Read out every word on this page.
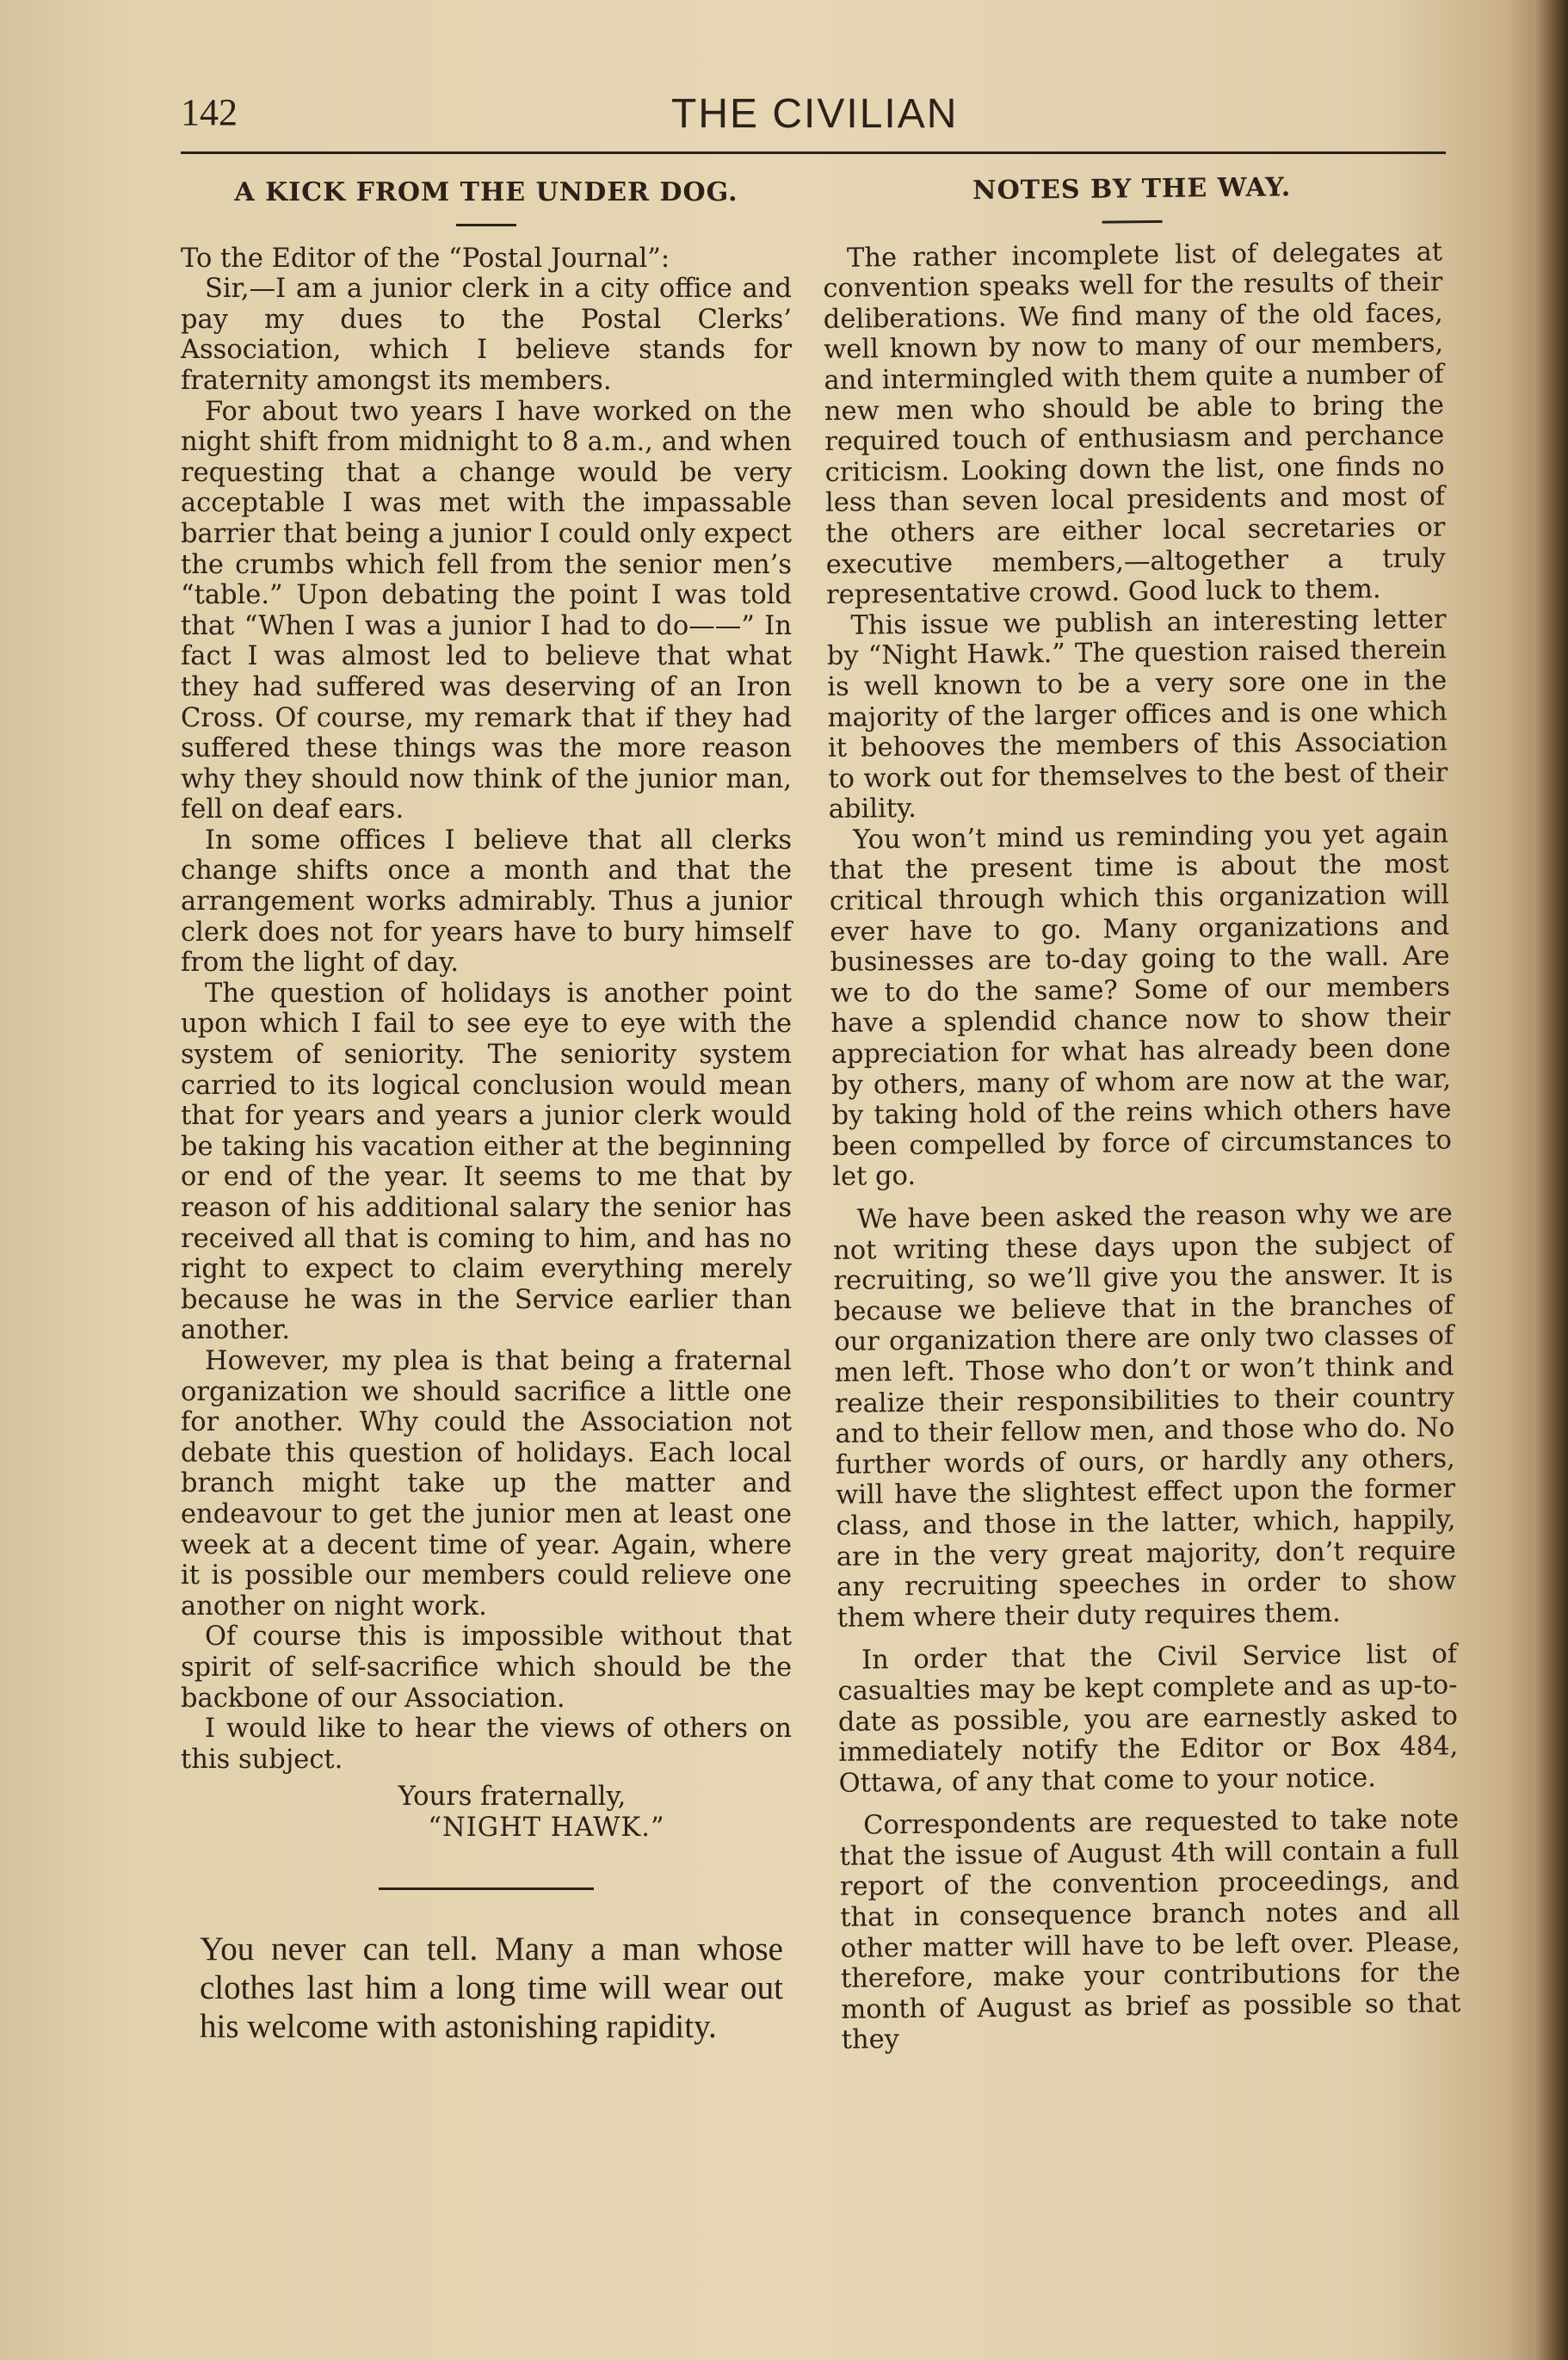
142	THE CIVILIAN
A KICK FROM THE UNDER DOG.

To the Editor of the “Postal Journal”:

Sir,—I am a junior clerk in a city office and pay my dues to the Postal Clerks’ Association, which I believe stands for fraternity amongst its members.

For about two years I have worked on the night shift from midnight to 8 a.m., and when requesting that a change would be very acceptable I was met with the impassable barrier that being a junior I could only expect the crumbs which fell from the senior men’s “table.” Upon debating the point I was told that “When I was a junior I had to do——” In fact I was almost led to believe that what they had suffered was deserving of an Iron Cross. Of course, my remark that if they had suffered these things was the more reason why they should now think of the junior man, fell on deaf ears.

In some offices I believe that all clerks change shifts once a month and that the arrangement works admirably. Thus a junior clerk does not for years have to bury himself from the light of day.

The question of holidays is another point upon which I fail to see eye to eye with the system of seniority. The seniority system carried to its logical conclusion would mean that for years and years a junior clerk would be taking his vacation either at the beginning or end of the year. It seems to me that by reason of his additional salary the senior has received all that is coming to him, and has no right to expect to claim everything merely because he was in the Service earlier than another.

However, my plea is that being a fraternal organization we should sacrifice a little one for another. Why could the Association not debate this question of holidays. Each local branch might take up the matter and endeavour to get the junior men at least one week at a decent time of year. Again, where it is possible our members could relieve one another on night work.

Of course this is impossible without that spirit of self-sacrifice which should be the backbone of our Association.

I would like to hear the views of others on this subject.

Yours fraternally,
“NIGHT HAWK.”
You never can tell. Many a man whose clothes last him a long time will wear out his welcome with astonishing rapidity.
NOTES BY THE WAY.

The rather incomplete list of delegates at convention speaks well for the results of their deliberations. We find many of the old faces, well known by now to many of our members, and intermingled with them quite a number of new men who should be able to bring the required touch of enthusiasm and perchance criticism. Looking down the list, one finds no less than seven local presidents and most of the others are either local secretaries or executive members,—altogether a truly representative crowd. Good luck to them.

This issue we publish an interesting letter by “Night Hawk.” The question raised therein is well known to be a very sore one in the majority of the larger offices and is one which it behooves the members of this Association to work out for themselves to the best of their ability.

You won’t mind us reminding you yet again that the present time is about the most critical through which this organization will ever have to go. Many organizations and businesses are to-day going to the wall. Are we to do the same? Some of our members have a splendid chance now to show their appreciation for what has already been done by others, many of whom are now at the war, by taking hold of the reins which others have been compelled by force of circumstances to let go.

We have been asked the reason why we are not writing these days upon the subject of recruiting, so we’ll give you the answer. It is because we believe that in the branches of our organization there are only two classes of men left. Those who don’t or won’t think and realize their responsibilities to their country and to their fellow men, and those who do. No further words of ours, or hardly any others, will have the slightest effect upon the former class, and those in the latter, which, happily, are in the very great majority, don’t require any recruiting speeches in order to show them where their duty requires them.

In order that the Civil Service list of casualties may be kept complete and as up-to-date as possible, you are earnestly asked to immediately notify the Editor or Box 484, Ottawa, of any that come to your notice.

Correspondents are requested to take note that the issue of August 4th will contain a full report of the convention proceedings, and that in consequence branch notes and all other matter will have to be left over. Please, therefore, make your contributions for the month of August as brief as possible so that they
